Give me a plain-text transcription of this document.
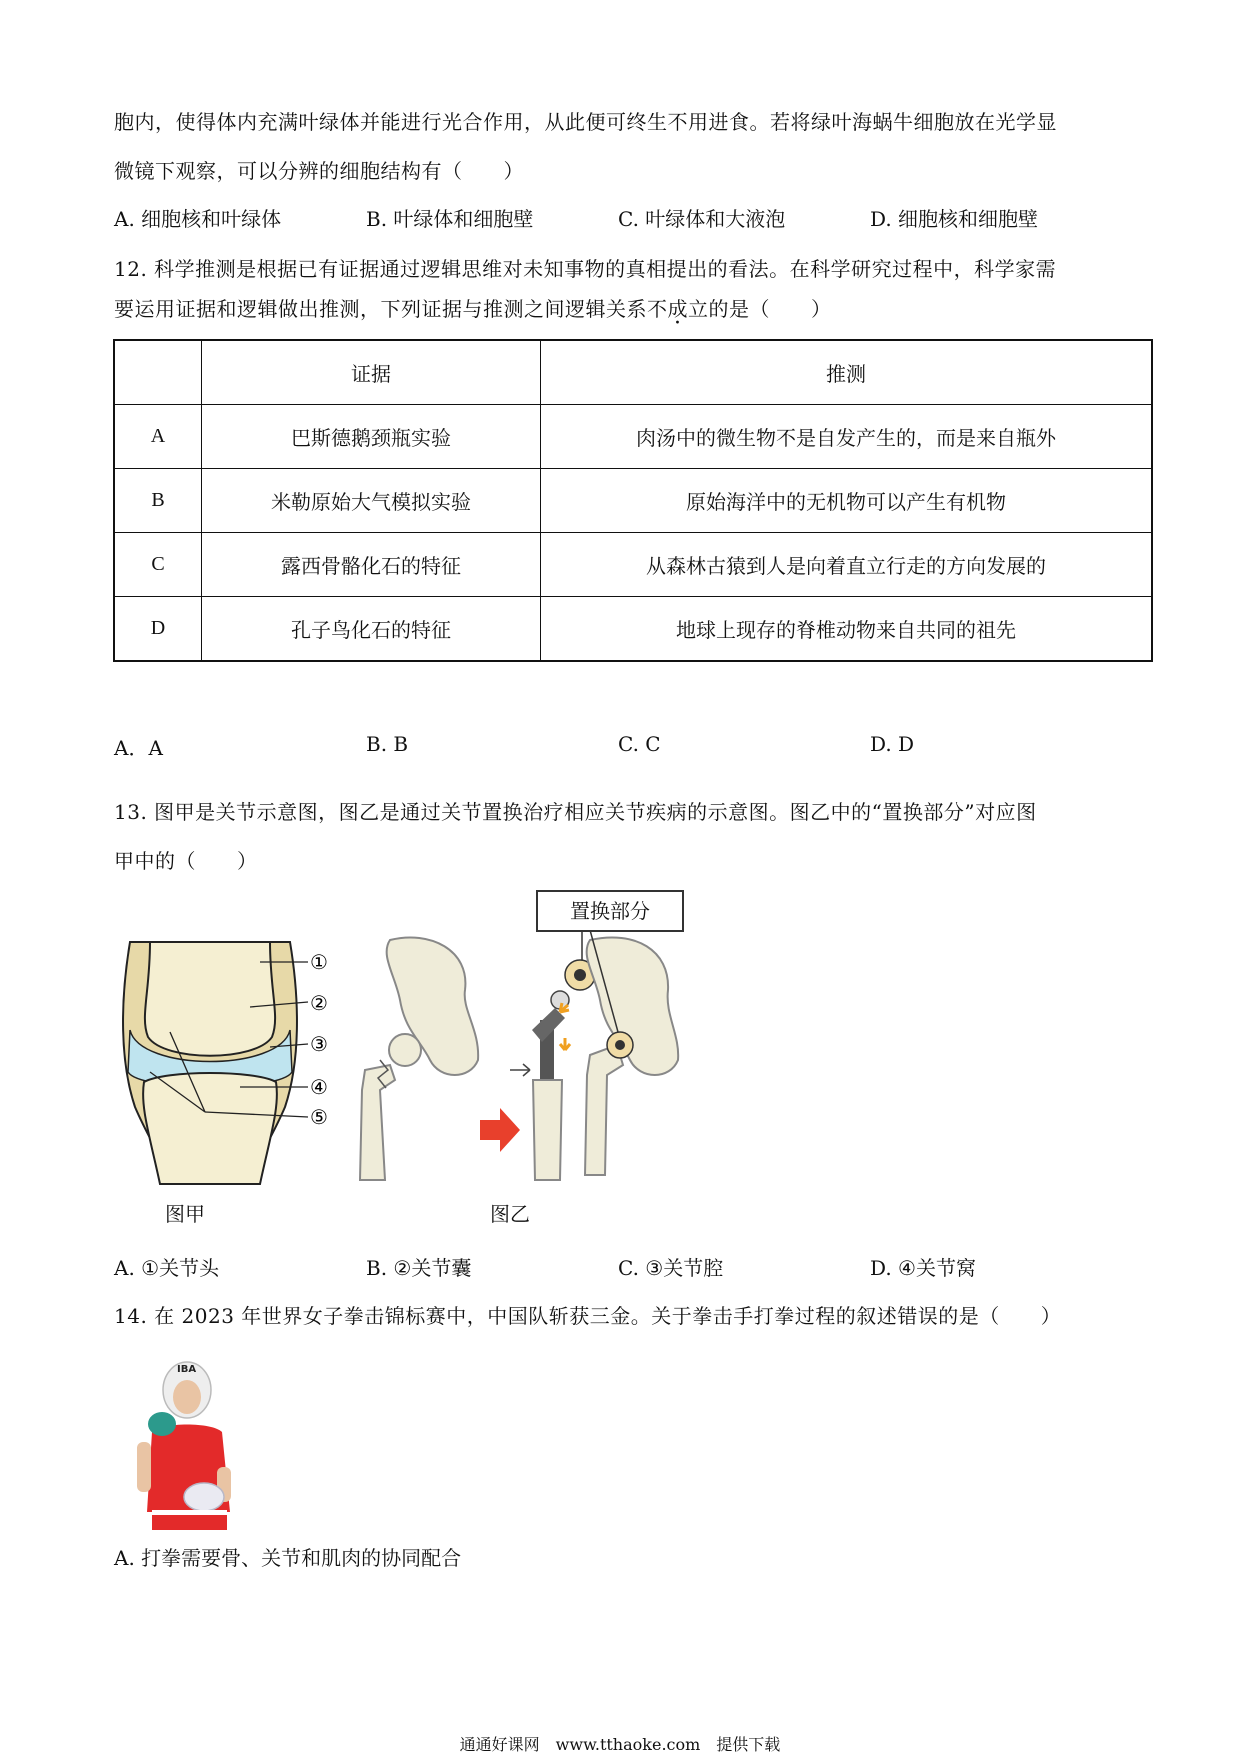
胞内，使得体内充满叶绿体并能进行光合作用，从此便可终生不用进食。若将绿叶海蜗牛细胞放在光学显
微镜下观察，可以分辨的细胞结构有（　　）
A. 细胞核和叶绿体	B. 叶绿体和细胞壁	C. 叶绿体和大液泡	D. 细胞核和细胞壁
12. 科学推测是根据已有证据通过逻辑思维对未知事物的真相提出的看法。在科学研究过程中，科学家需
要运用证据和逻辑做出推测，下列证据与推测之间逻辑关系不成立的是（　　）
	证据	推测
A	巴斯德鹅颈瓶实验	肉汤中的微生物不是自发产生的，而是来自瓶外
B	米勒原始大气模拟实验	原始海洋中的无机物可以产生有机物
C	露西骨骼化石的特征	从森林古猿到人是向着直立行走的方向发展的
D	孔子鸟化石的特征	地球上现存的脊椎动物来自共同的祖先
A．A	B. B	C. C	D. D
13. 图甲是关节示意图，图乙是通过关节置换治疗相应关节疾病的示意图。图乙中的“置换部分”对应图
甲中的（　　）
①
②
③
④
⑤
图甲
置换部分
图乙
A. ①关节头	B. ②关节囊	C. ③关节腔	D. ④关节窝
14. 在 2023 年世界女子拳击锦标赛中，中国队斩获三金。关于拳击手打拳过程的叙述错误的是（　　）
IBA
A. 打拳需要骨、关节和肌肉的协同配合
通通好课网　www.tthaoke.com　提供下载
